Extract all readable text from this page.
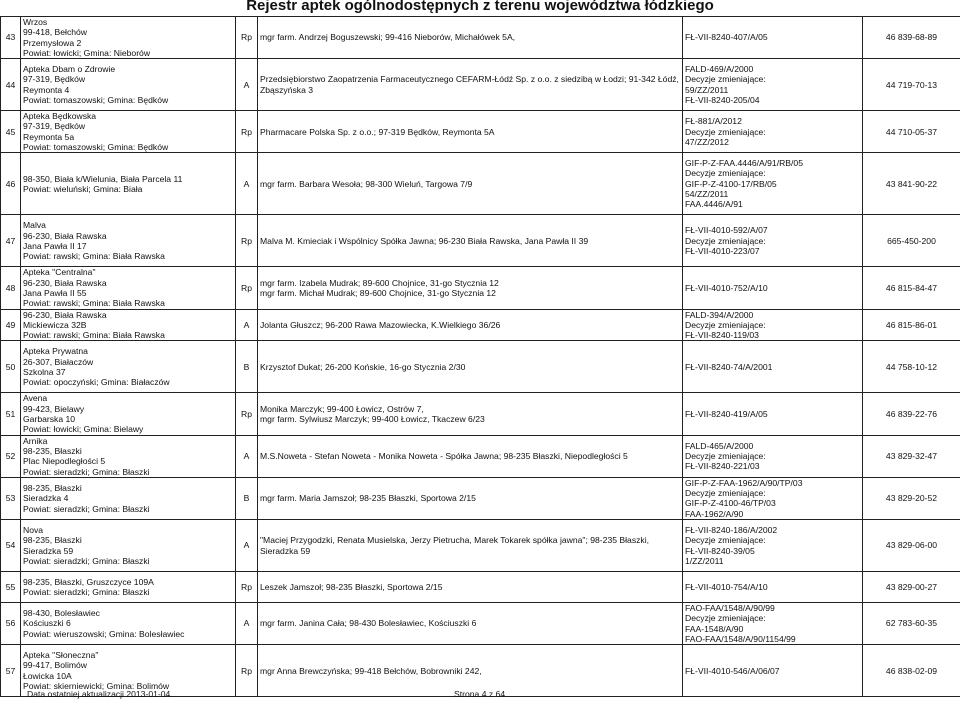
Rejestr aptek ogólnodostępnych z terenu województwa łódzkiego
43	Wrzos
99-418, Bełchów
Przemysłowa 2
Powiat: łowicki; Gmina: Nieborów	Rp	mgr farm. Andrzej Boguszewski; 99-416 Nieborów, Michałówek 5A,	FŁ-VII-8240-407/A/05	46 839-68-89
44	Apteka Dbam o Zdrowie
97-319, Będków
Reymonta 4
Powiat: tomaszowski; Gmina: Będków	A	Przedsiębiorstwo Zaopatrzenia Farmaceutycznego CEFARM-Łódź Sp. z o.o. z siedzibą w Łodzi; 91-342 Łódź,
Zbąszyńska 3	FALD-469/A/2000
Decyzje zmieniające:
59/ZZ/2011
FŁ-VII-8240-205/04	44 719-70-13
45	Apteka Będkowska
97-319, Będków
Reymonta 5a
Powiat: tomaszowski; Gmina: Będków	Rp	Pharmacare Polska Sp. z o.o.; 97-319 Będków, Reymonta 5A	FŁ-881/A/2012
Decyzje zmieniające:
47/ZZ/2012	44 710-05-37
46	98-350, Biała k/Wielunia, Biała Parcela 11
Powiat: wieluński; Gmina: Biała	A	mgr farm. Barbara Wesoła; 98-300 Wieluń, Targowa 7/9	GIF-P-Z-FAA.4446/A/91/RB/05
Decyzje zmieniające:
GIF-P-Z-4100-17/RB/05
54/ZZ/2011
FAA.4446/A/91	43 841-90-22
47	Malva
96-230, Biała Rawska
Jana Pawła II 17
Powiat: rawski; Gmina: Biała Rawska	Rp	Malva M. Kmieciak i Wspólnicy Spółka Jawna; 96-230 Biała Rawska, Jana Pawła II 39	FŁ-VII-4010-592/A/07
Decyzje zmieniające:
FŁ-VII-4010-223/07	665-450-200
48	Apteka "Centralna"
96-230, Biała Rawska
Jana Pawła II 55
Powiat: rawski; Gmina: Biała Rawska	Rp	mgr farm. Izabela Mudrak; 89-600 Chojnice, 31-go Stycznia 12
mgr farm. Michał Mudrak; 89-600 Chojnice, 31-go Stycznia 12	FŁ-VII-4010-752/A/10	46 815-84-47
49	96-230, Biała Rawska
Mickiewicza 32B
Powiat: rawski; Gmina: Biała Rawska	A	Jolanta Głuszcz; 96-200 Rawa Mazowiecka, K.Wielkiego 36/26	FALD-394/A/2000
Decyzje zmieniające:
FŁ-VII-8240-119/03	46 815-86-01
50	Apteka Prywatna
26-307, Białaczów
Szkolna 37
Powiat: opoczyński; Gmina: Białaczów	B	Krzysztof Dukat; 26-200 Końskie, 16-go Stycznia 2/30	FŁ-VII-8240-74/A/2001	44 758-10-12
51	Avena
99-423, Bielawy
Garbarska 10
Powiat: łowicki; Gmina: Bielawy	Rp	Monika Marczyk; 99-400 Łowicz, Ostrów 7,
mgr farm. Sylwiusz Marczyk; 99-400 Łowicz, Tkaczew 6/23	FŁ-VII-8240-419/A/05	46 839-22-76
52	Arnika
98-235, Błaszki
Plac Niepodległości 5
Powiat: sieradzki; Gmina: Błaszki	A	M.S.Noweta - Stefan Noweta - Monika Noweta - Spółka Jawna; 98-235 Błaszki, Niepodległości 5	FALD-465/A/2000
Decyzje zmieniające:
FŁ-VII-8240-221/03	43 829-32-47
53	98-235, Błaszki
Sieradzka 4
Powiat: sieradzki; Gmina: Błaszki	B	mgr farm. Maria Jamszoł; 98-235 Błaszki, Sportowa 2/15	GIF-P-Z-FAA-1962/A/90/TP/03
Decyzje zmieniające:
GIF-P-Z-4100-46/TP/03
FAA-1962/A/90	43 829-20-52
54	Nova
98-235, Błaszki
Sieradzka 59
Powiat: sieradzki; Gmina: Błaszki	A	"Maciej Przygodzki, Renata Musielska, Jerzy Pietrucha, Marek Tokarek spółka jawna"; 98-235 Błaszki,
Sieradzka 59	FŁ-VII-8240-186/A/2002
Decyzje zmieniające:
FŁ-VII-8240-39/05
1/ZZ/2011	43 829-06-00
55	98-235, Błaszki, Gruszczyce 109A
Powiat: sieradzki; Gmina: Błaszki	Rp	Leszek Jamszoł; 98-235 Błaszki, Sportowa 2/15	FŁ-VII-4010-754/A/10	43 829-00-27
56	98-430, Bolesławiec
Kościuszki 6
Powiat: wieruszowski; Gmina: Bolesławiec	A	mgr farm. Janina Cała; 98-430 Bolesławiec, Kościuszki 6	FAO-FAA/1548/A/90/99
Decyzje zmieniające:
FAA-1548/A/90
FAO-FAA/1548/A/90/1154/99	62 783-60-35
57	Apteka "Słoneczna"
99-417, Bolimów
Łowicka 10A
Powiat: skierniewicki; Gmina: Bolimów	Rp	mgr Anna Brewczyńska; 99-418 Bełchów, Bobrowniki 242,	FŁ-VII-4010-546/A/06/07	46 838-02-09
Data ostatniej aktualizacji 2013-01-04	Strona 4 z 64
